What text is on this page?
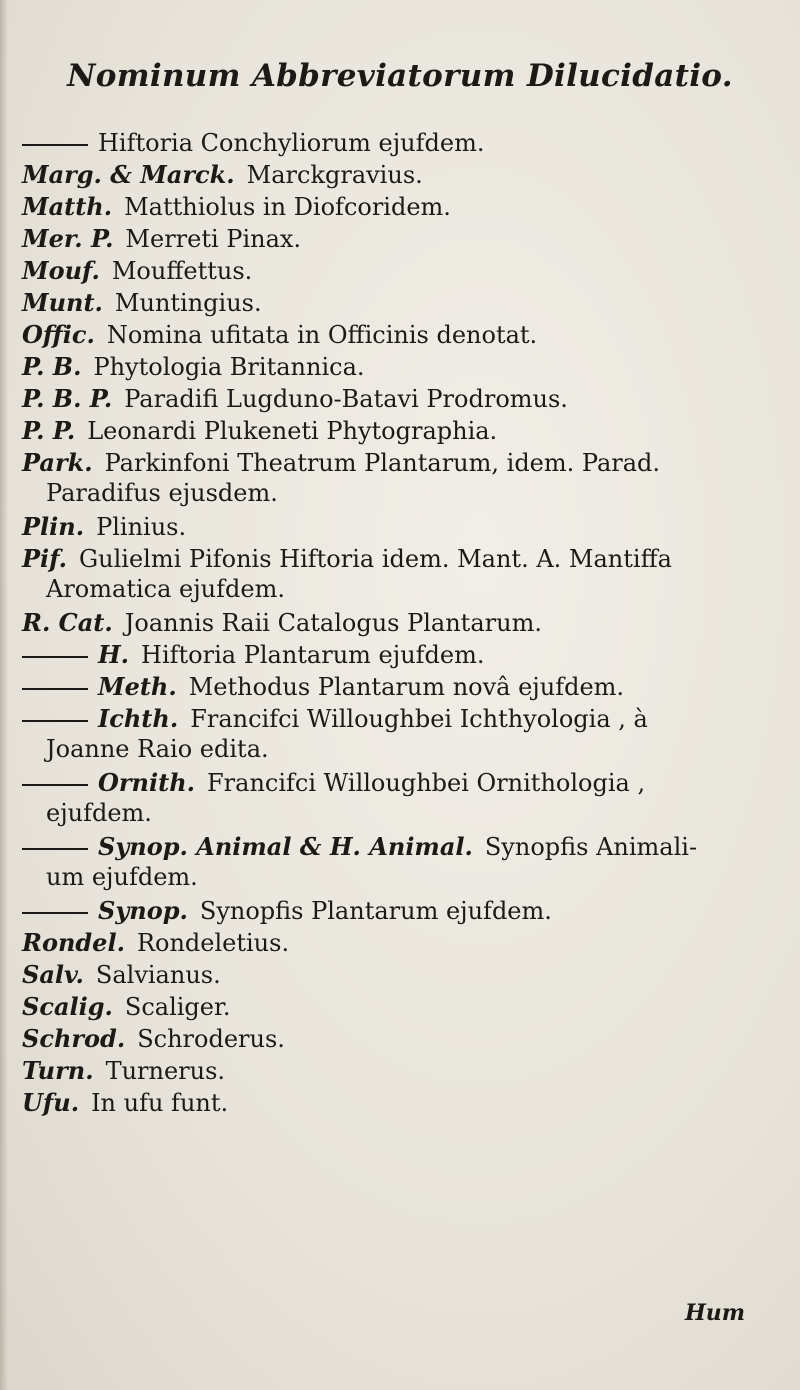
Nominum Abbreviatorum Dilucidatio.
Hiftoria Conchyliorum ejufdem.
Marg. & Marck. Marckgravius.
Matth. Matthiolus in Diofcoridem.
Mer. P. Merreti Pinax.
Mouf. Mouffettus.
Munt. Muntingius.
Offic. Nomina ufitata in Officinis denotat.
P. B. Phytologia Britannica.
P. B. P. Paradifi Lugduno-Batavi Prodromus.
P. P. Leonardi Plukeneti Phytographia.
Park. Parkinfoni Theatrum Plantarum, idem. Parad.
Paradifus ejusdem.
Plin. Plinius.
Pif. Gulielmi Pifonis Hiftoria idem. Mant. A. Mantiffa
Aromatica ejufdem.
R. Cat. Joannis Raii Catalogus Plantarum.
H. Hiftoria Plantarum ejufdem.
Meth. Methodus Plantarum novâ ejufdem.
Ichth. Francifci Willoughbei Ichthyologia , à
Joanne Raio edita.
Ornith. Francifci Willoughbei Ornithologia ,
ejufdem.
Synop. Animal & H. Animal. Synopfis Animali-
um ejufdem.
Synop. Synopfis Plantarum ejufdem.
Rondel. Rondeletius.
Salv. Salvianus.
Scalig. Scaliger.
Schrod. Schroderus.
Turn. Turnerus.
Ufu. In ufu funt.
Hum
